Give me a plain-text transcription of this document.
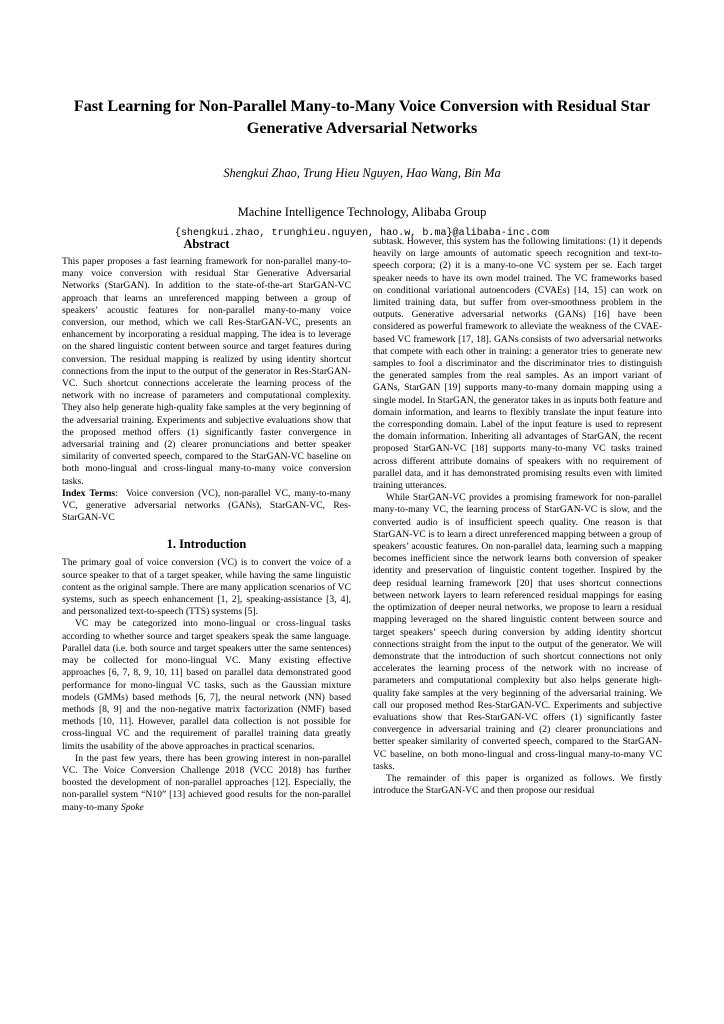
Fast Learning for Non-Parallel Many-to-Many Voice Conversion with Residual Star Generative Adversarial Networks
Shengkui Zhao, Trung Hieu Nguyen, Hao Wang, Bin Ma
Machine Intelligence Technology, Alibaba Group
{shengkui.zhao, trunghieu.nguyen, hao.w, b.ma}@alibaba-inc.com
Abstract

This paper proposes a fast learning framework for non-parallel many-to-many voice conversion with residual Star Generative Adversarial Networks (StarGAN). In addition to the state-of-the-art StarGAN-VC approach that learns an unreferenced mapping between a group of speakers’ acoustic features for non-parallel many-to-many voice conversion, our method, which we call Res-StarGAN-VC, presents an enhancement by incorporating a residual mapping. The idea is to leverage on the shared linguistic content between source and target features during conversion. The residual mapping is realized by using identity shortcut connections from the input to the output of the generator in Res-StarGAN-VC. Such shortcut connections accelerate the learning process of the network with no increase of parameters and computational complexity. They also help generate high-quality fake samples at the very beginning of the adversarial training. Experiments and subjective evaluations show that the proposed method offers (1) significantly faster convergence in adversarial training and (2) clearer pronunciations and better speaker similarity of converted speech, compared to the StarGAN-VC baseline on both mono-lingual and cross-lingual many-to-many voice conversion tasks.

Index Terms: Voice conversion (VC), non-parallel VC, many-to-many VC, generative adversarial networks (GANs), StarGAN-VC, Res-StarGAN-VC

1. Introduction

The primary goal of voice conversion (VC) is to convert the voice of a source speaker to that of a target speaker, while having the same linguistic content as the original sample. There are many application scenarios of VC systems, such as speech enhancement [1, 2], speaking-assistance [3, 4], and personalized text-to-speech (TTS) systems [5].

VC may be categorized into mono-lingual or cross-lingual tasks according to whether source and target speakers speak the same language. Parallel data (i.e. both source and target speakers utter the same sentences) may be collected for mono-lingual VC. Many existing effective approaches [6, 7, 8, 9, 10, 11] based on parallel data demonstrated good performance for mono-lingual VC tasks, such as the Gaussian mixture models (GMMs) based methods [6, 7], the neural network (NN) based methods [8, 9] and the non-negative matrix factorization (NMF) based methods [10, 11]. However, parallel data collection is not possible for cross-lingual VC and the requirement of parallel training data greatly limits the usability of the above approaches in practical scenarios.

In the past few years, there has been growing interest in non-parallel VC. The Voice Conversion Challenge 2018 (VCC 2018) has further boosted the development of non-parallel approaches [12]. Especially, the non-parallel system “N10” [13] achieved good results for the non-parallel many-to-many Spoke

subtask. However, this system has the following limitations: (1) it depends heavily on large amounts of automatic speech recognition and text-to-speech corpora; (2) it is a many-to-one VC system per se. Each target speaker needs to have its own model trained. The VC frameworks based on conditional variational autoencoders (CVAEs) [14, 15] can work on limited training data, but suffer from over-smoothness problem in the outputs. Generative adversarial networks (GANs) [16] have been considered as powerful framework to alleviate the weakness of the CVAE-based VC framework [17, 18]. GANs consists of two adversarial networks that compete with each other in training: a generator tries to generate new samples to fool a discriminator and the discriminator tries to distinguish the generated samples from the real samples. As an import variant of GANs, StarGAN [19] supports many-to-many domain mapping using a single model. In StarGAN, the generator takes in as inputs both feature and domain information, and learns to flexibly translate the input feature into the corresponding domain. Label of the input feature is used to represent the domain information. Inheriting all advantages of StarGAN, the recent proposed StarGAN-VC [18] supports many-to-many VC tasks trained across different attribute domains of speakers with no requirement of parallel data, and it has demonstrated promising results even with limited training utterances.

While StarGAN-VC provides a promising framework for non-parallel many-to-many VC, the learning process of StarGAN-VC is slow, and the converted audio is of insufficient speech quality. One reason is that StarGAN-VC is to learn a direct unreferenced mapping between a group of speakers’ acoustic features. On non-parallel data, learning such a mapping becomes inefficient since the network learns both conversion of speaker identity and preservation of linguistic content together. Inspired by the deep residual learning framework [20] that uses shortcut connections between network layers to learn referenced residual mappings for easing the optimization of deeper neural networks, we propose to learn a residual mapping leveraged on the shared linguistic content between source and target speakers’ speech during conversion by adding identity shortcut connections straight from the input to the output of the generator. We will demonstrate that the introduction of such shortcut connections not only accelerates the learning process of the network with no increase of parameters and computational complexity but also helps generate high-quality fake samples at the very beginning of the adversarial training. We call our proposed method Res-StarGAN-VC. Experiments and subjective evaluations show that Res-StarGAN-VC offers (1) significantly faster convergence in adversarial training and (2) clearer pronunciations and better speaker similarity of converted speech, compared to the StarGAN-VC baseline, on both mono-lingual and cross-lingual many-to-many VC tasks.

The remainder of this paper is organized as follows. We firstly introduce the StarGAN-VC and then propose our residual
